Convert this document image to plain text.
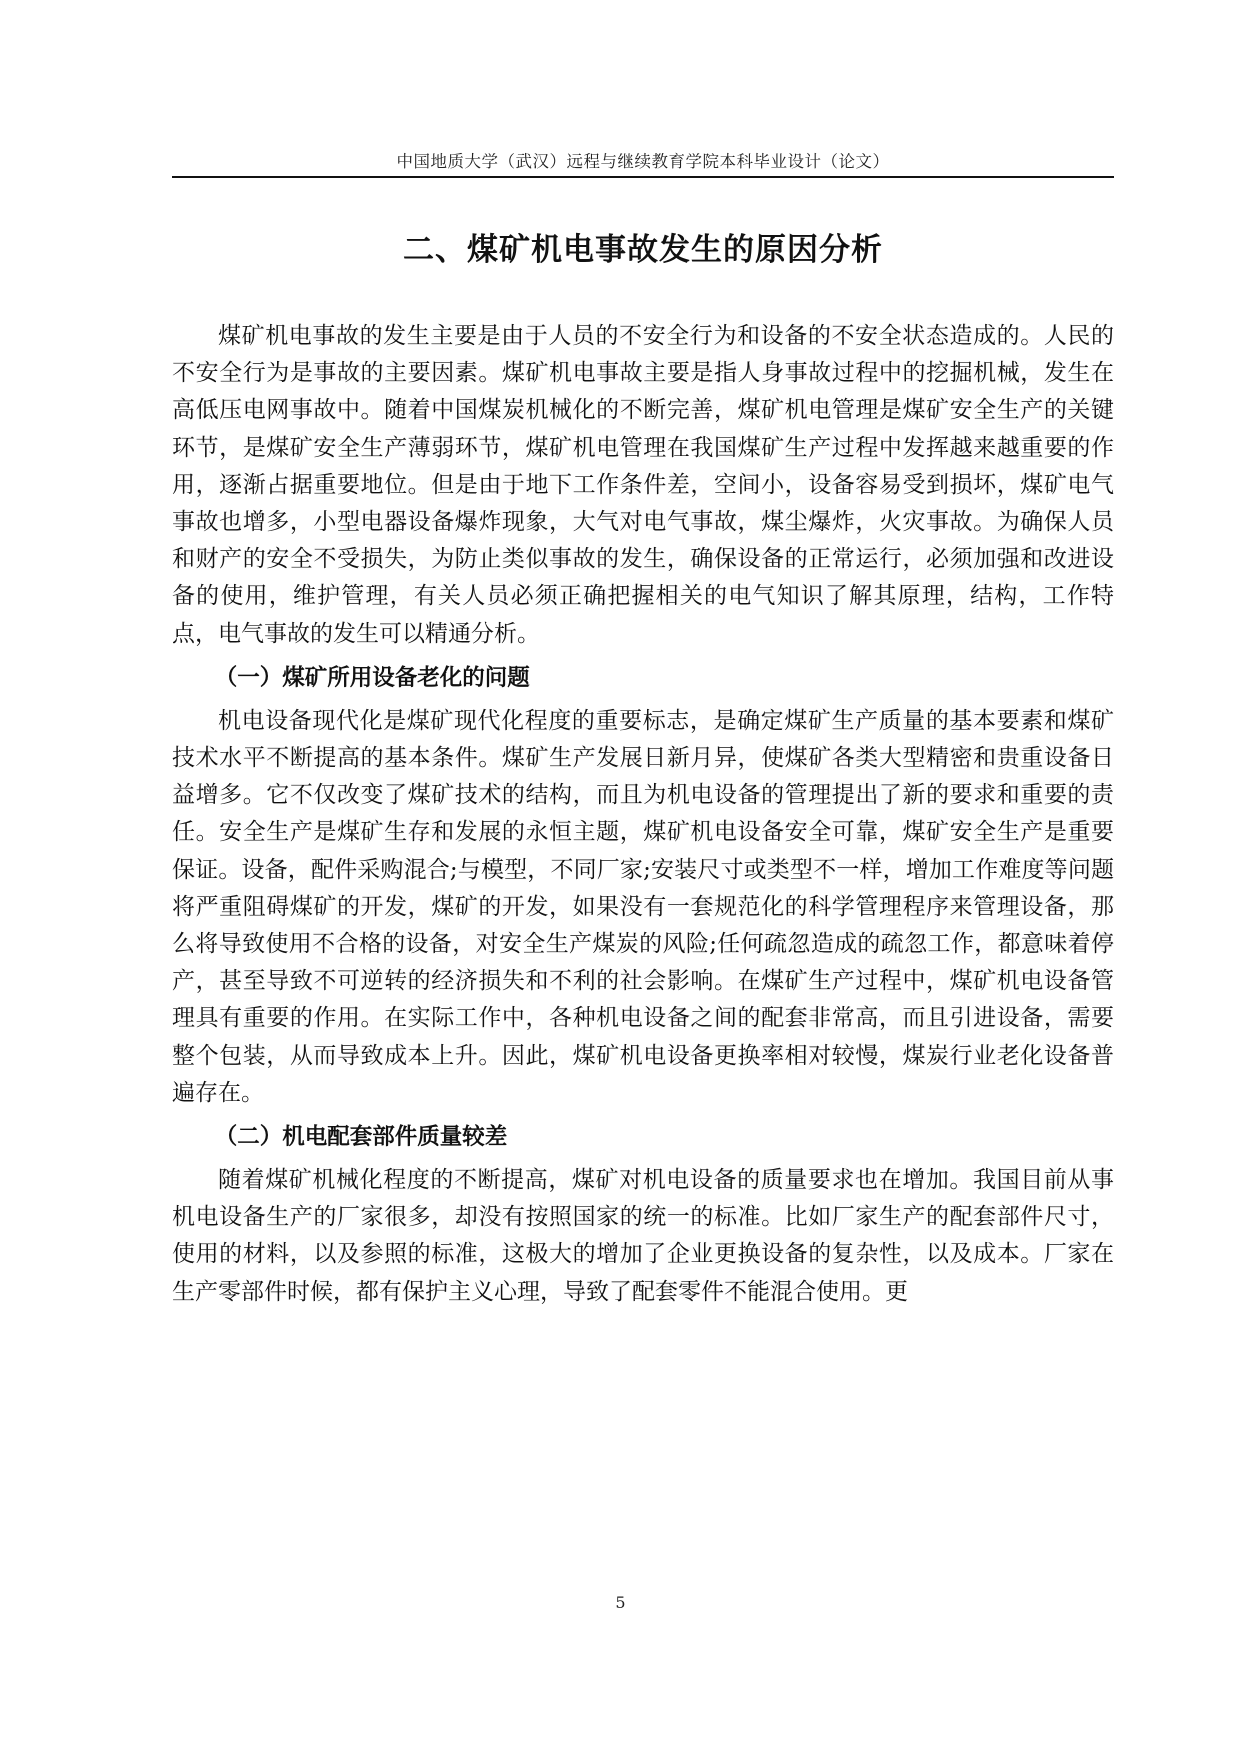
中国地质大学（武汉）远程与继续教育学院本科毕业设计（论文）
二、煤矿机电事故发生的原因分析

煤矿机电事故的发生主要是由于人员的不安全行为和设备的不安全状态造成的。人民的不安全行为是事故的主要因素。煤矿机电事故主要是指人身事故过程中的挖掘机械，发生在高低压电网事故中。随着中国煤炭机械化的不断完善，煤矿机电管理是煤矿安全生产的关键环节，是煤矿安全生产薄弱环节，煤矿机电管理在我国煤矿生产过程中发挥越来越重要的作用，逐渐占据重要地位。但是由于地下工作条件差，空间小，设备容易受到损坏，煤矿电气事故也增多，小型电器设备爆炸现象，大气对电气事故，煤尘爆炸，火灾事故。为确保人员和财产的安全不受损失，为防止类似事故的发生，确保设备的正常运行，必须加强和改进设备的使用，维护管理，有关人员必须正确把握相关的电气知识了解其原理，结构，工作特点，电气事故的发生可以精通分析。

（一）煤矿所用设备老化的问题

机电设备现代化是煤矿现代化程度的重要标志，是确定煤矿生产质量的基本要素和煤矿技术水平不断提高的基本条件。煤矿生产发展日新月异，使煤矿各类大型精密和贵重设备日益增多。它不仅改变了煤矿技术的结构，而且为机电设备的管理提出了新的要求和重要的责任。安全生产是煤矿生存和发展的永恒主题，煤矿机电设备安全可靠，煤矿安全生产是重要保证。设备，配件采购混合;与模型，不同厂家;安装尺寸或类型不一样，增加工作难度等问题将严重阻碍煤矿的开发，煤矿的开发，如果没有一套规范化的科学管理程序来管理设备，那么将导致使用不合格的设备，对安全生产煤炭的风险;任何疏忽造成的疏忽工作，都意味着停产，甚至导致不可逆转的经济损失和不利的社会影响。在煤矿生产过程中，煤矿机电设备管理具有重要的作用。在实际工作中，各种机电设备之间的配套非常高，而且引进设备，需要整个包装，从而导致成本上升。因此，煤矿机电设备更换率相对较慢，煤炭行业老化设备普遍存在。

（二）机电配套部件质量较差

随着煤矿机械化程度的不断提高，煤矿对机电设备的质量要求也在增加。我国目前从事机电设备生产的厂家很多，却没有按照国家的统一的标准。比如厂家生产的配套部件尺寸，使用的材料，以及参照的标准，这极大的增加了企业更换设备的复杂性，以及成本。厂家在生产零部件时候，都有保护主义心理，导致了配套零件不能混合使用。更

5
